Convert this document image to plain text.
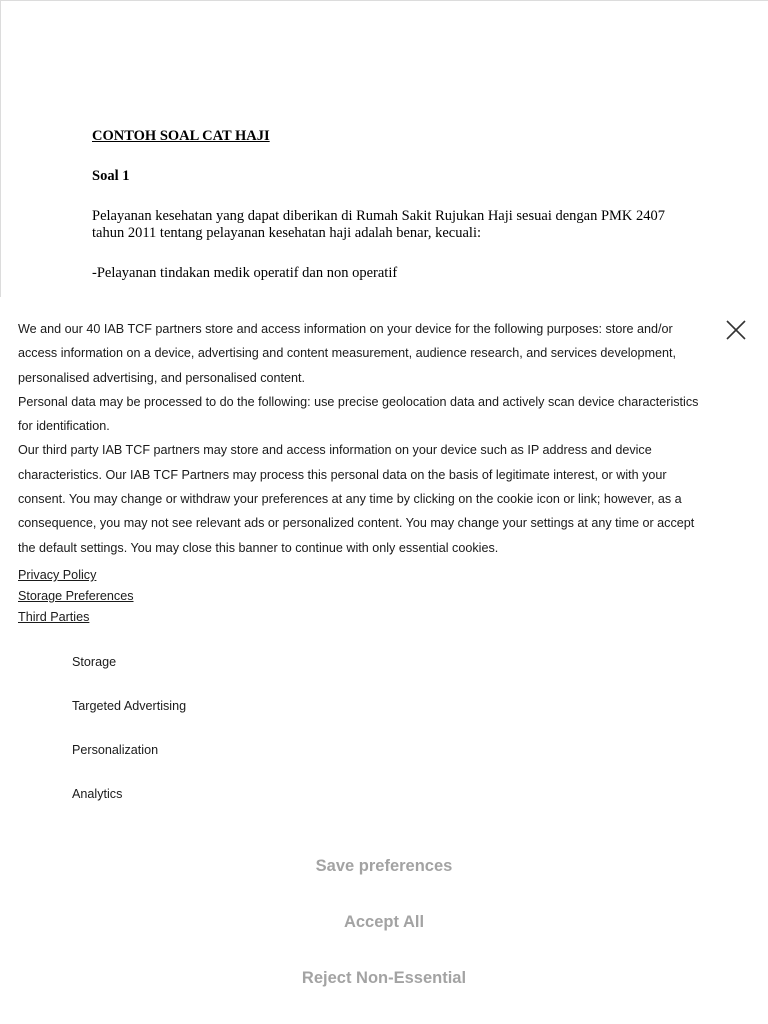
CONTOH SOAL CAT HAJI
Soal 1
Pelayanan kesehatan yang dapat diberikan di Rumah Sakit Rujukan Haji sesuai dengan PMK 2407 tahun 2011 tentang pelayanan kesehatan haji adalah benar, kecuali:
-Pelayanan tindakan medik operatif dan non operatif

We and our 40 IAB TCF partners store and access information on your device for the following purposes: store and/or access information on a device, advertising and content measurement, audience research, and services development, personalised advertising, and personalised content.

Personal data may be processed to do the following: use precise geolocation data and actively scan device characteristics for identification.

Our third party IAB TCF partners may store and access information on your device such as IP address and device characteristics. Our IAB TCF Partners may process this personal data on the basis of legitimate interest, or with your consent. You may change or withdraw your preferences at any time by clicking on the cookie icon or link; however, as a consequence, you may not see relevant ads or personalized content. You may change your settings at any time or accept the default settings. You may close this banner to continue with only essential cookies.

Privacy Policy
Storage Preferences
Third Parties
Storage
Targeted Advertising
Personalization
Analytics
Save preferences
Accept All
Reject Non-Essential
